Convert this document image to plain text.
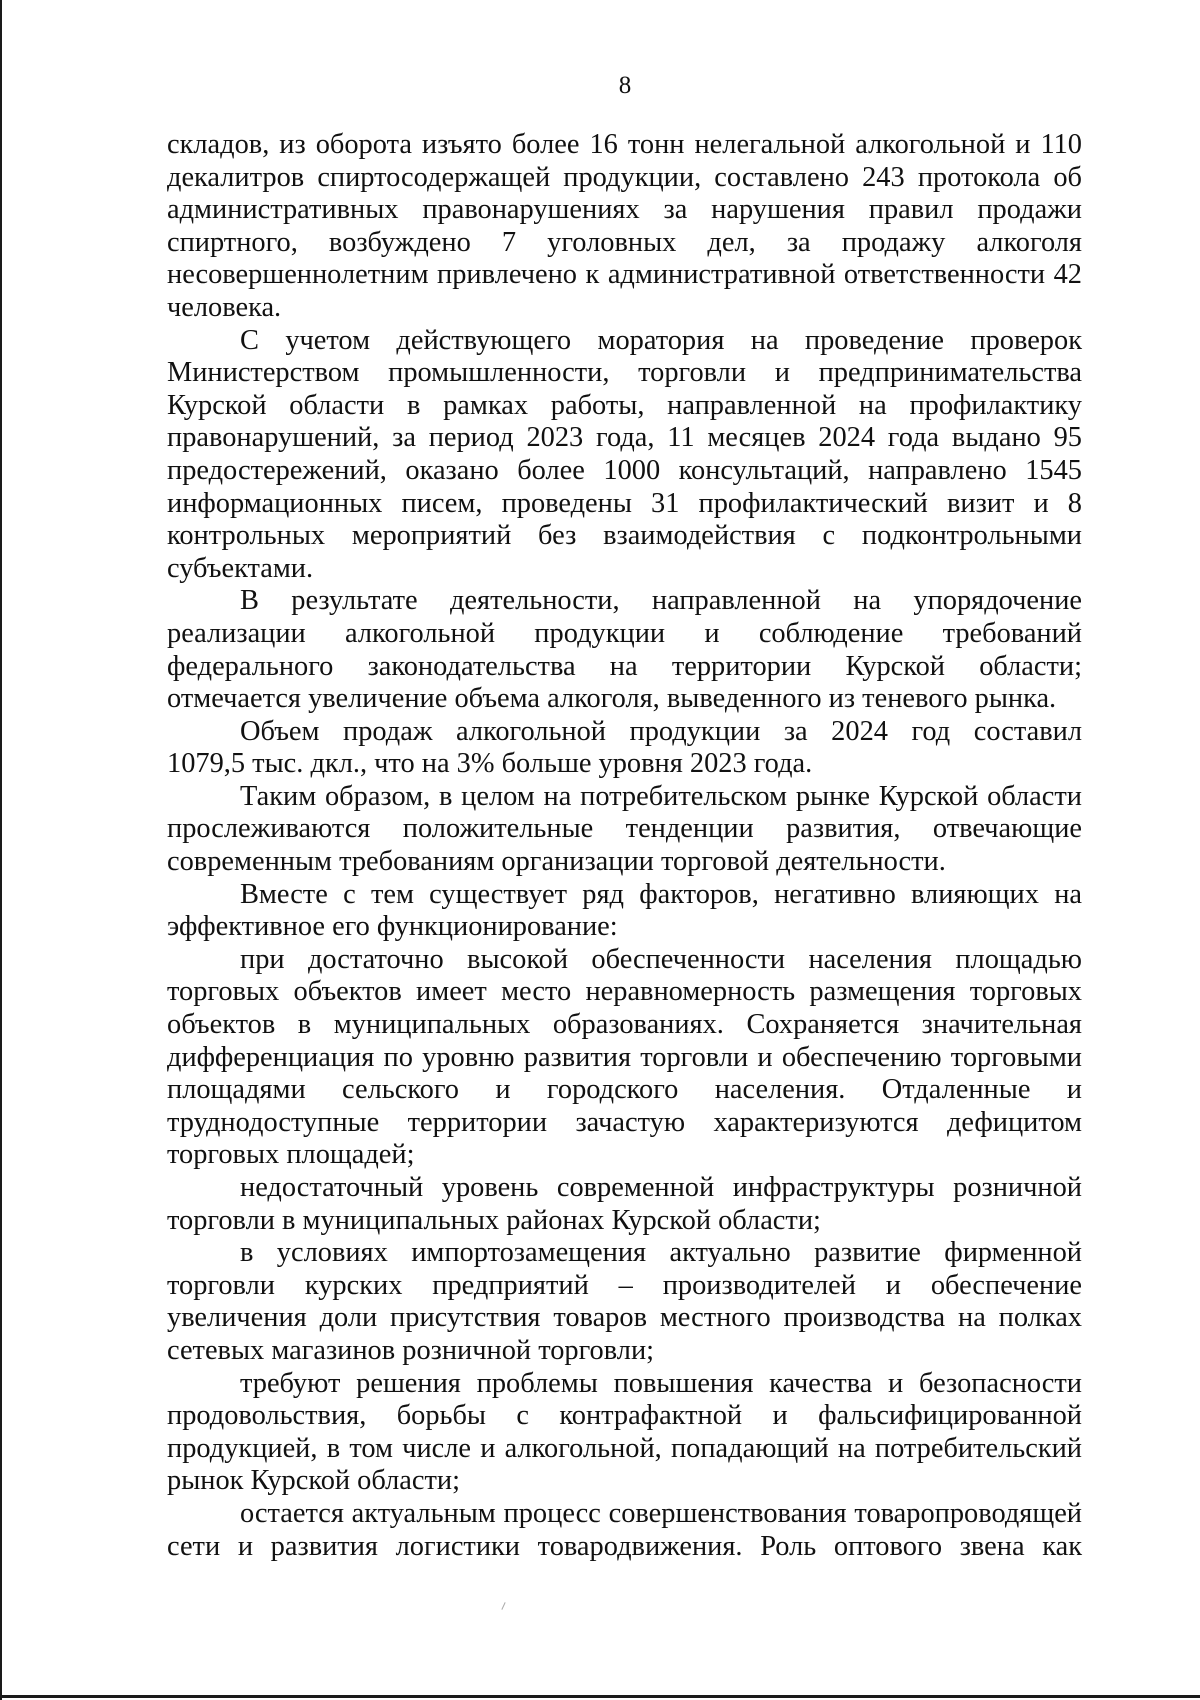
8
складов, из оборота изъято более 16 тонн нелегальной алкогольной и 110
декалитров спиртосодержащей продукции, составлено 243 протокола об
административных правонарушениях за нарушения правил продажи
спиртного, возбуждено 7 уголовных дел, за продажу алкоголя
несовершеннолетним привлечено к административной ответственности 42
человека.
С учетом действующего моратория на проведение проверок
Министерством промышленности, торговли и предпринимательства
Курской области в рамках работы, направленной на профилактику
правонарушений, за период 2023 года, 11 месяцев 2024 года выдано 95
предостережений, оказано более 1000 консультаций, направлено 1545
информационных писем, проведены 31 профилактический визит и 8
контрольных мероприятий без взаимодействия с подконтрольными
субъектами.
В результате деятельности, направленной на упорядочение
реализации алкогольной продукции и соблюдение требований
федерального законодательства на территории Курской области;
отмечается увеличение объема алкоголя, выведенного из теневого рынка.
Объем продаж алкогольной продукции за 2024 год составил
1079,5 тыс. дкл., что на 3% больше уровня 2023 года.
Таким образом, в целом на потребительском рынке Курской области
прослеживаются положительные тенденции развития, отвечающие
современным требованиям организации торговой деятельности.
Вместе с тем существует ряд факторов, негативно влияющих на
эффективное его функционирование:
при достаточно высокой обеспеченности населения площадью
торговых объектов имеет место неравномерность размещения торговых
объектов в муниципальных образованиях. Сохраняется значительная
дифференциация по уровню развития торговли и обеспечению торговыми
площадями сельского и городского населения. Отдаленные и
труднодоступные территории зачастую характеризуются дефицитом
торговых площадей;
недостаточный уровень современной инфраструктуры розничной
торговли в муниципальных районах Курской области;
в условиях импортозамещения актуально развитие фирменной
торговли курских предприятий – производителей и обеспечение
увеличения доли присутствия товаров местного производства на полках
сетевых магазинов розничной торговли;
требуют решения проблемы повышения качества и безопасности
продовольствия, борьбы с контрафактной и фальсифицированной
продукцией, в том числе и алкогольной, попадающий на потребительский
рынок Курской области;
остается актуальным процесс совершенствования товаропроводящей
сети и развития логистики товародвижения. Роль оптового звена как
